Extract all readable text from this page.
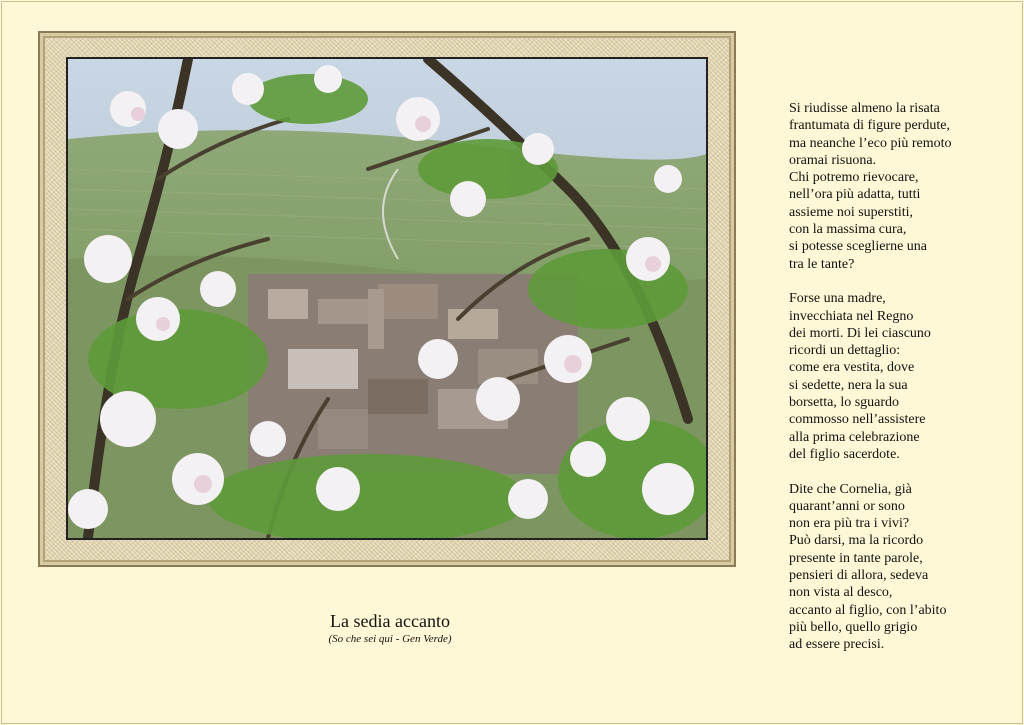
Si riudisse almeno la risata
frantumata di figure perdute,
ma neanche l’eco più remoto
oramai risuona.
Chi potremo rievocare,
nell’ora più adatta, tutti
assieme noi superstiti,
con la massima cura,
si potesse sceglierne una
tra le tante?
Forse una madre,
invecchiata nel Regno
dei morti. Di lei ciascuno
ricordi un dettaglio:
come era vestita, dove
si sedette, nera la sua
borsetta, lo sguardo
commosso nell’assistere
alla prima celebrazione
del figlio sacerdote.
Dite che Cornelia, già
quarant’anni or sono
non era più tra i vivi?
Può darsi, ma la ricordo
presente in tante parole,
pensieri di allora, sedeva
non vista al desco,
accanto al figlio, con l’abito
più bello, quello grigio
ad essere precisi.
La sedia accanto
(So che sei qui - Gen Verde)
